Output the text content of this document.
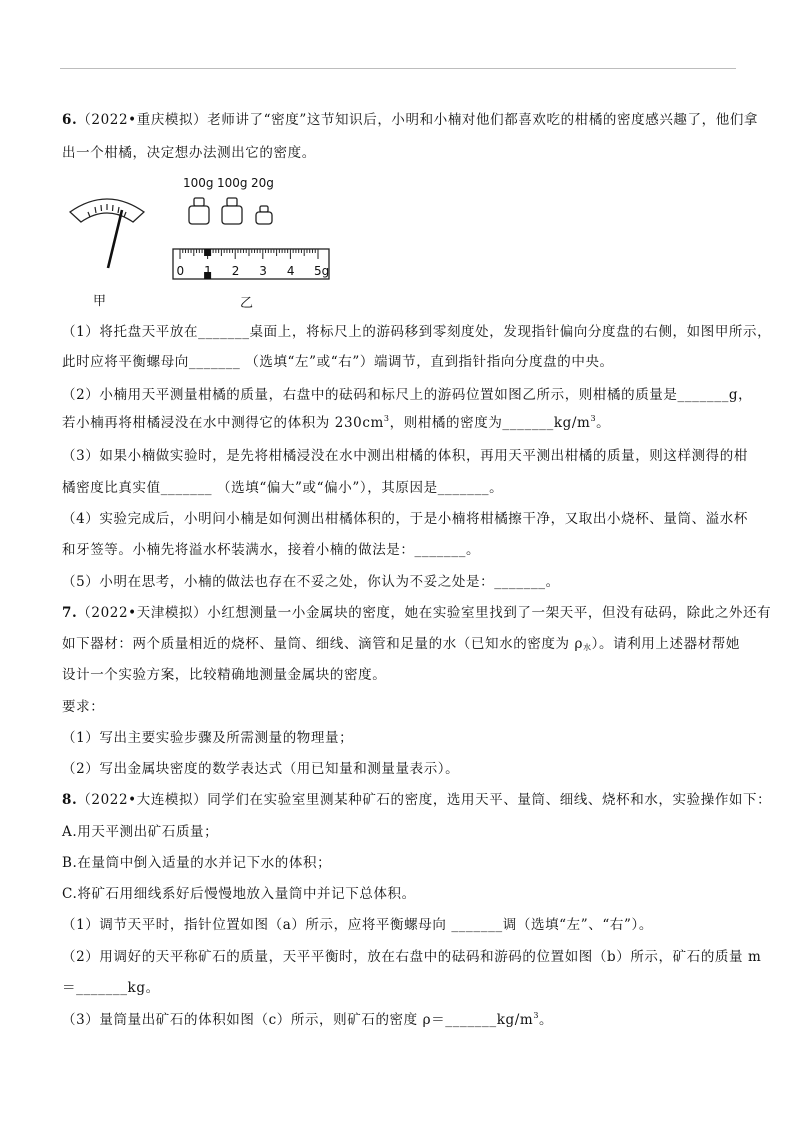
6.（2022•重庆模拟）老师讲了“密度”这节知识后，小明和小楠对他们都喜欢吃的柑橘的密度感兴趣了，他们拿
出一个柑橘，决定想办法测出它的密度。
甲
100g 100g 20g
0 1 2 3 4 5g
乙
（1）将托盘天平放在_______桌面上，将标尺上的游码移到零刻度处，发现指针偏向分度盘的右侧，如图甲所示，
此时应将平衡螺母向_______ （选填“左”或“右”）端调节，直到指针指向分度盘的中央。
（2）小楠用天平测量柑橘的质量，右盘中的砝码和标尺上的游码位置如图乙所示，则柑橘的质量是_______g，
若小楠再将柑橘浸没在水中测得它的体积为 $230cm^3$，则柑橘的密度为$\_\_\_\_\_\_\_kg/m^3$。
（3）如果小楠做实验时，是先将柑橘浸没在水中测出柑橘的体积，再用天平测出柑橘的质量，则这样测得的柑
橘密度比真实值_______ （选填“偏大”或“偏小”），其原因是_______。
（4）实验完成后，小明问小楠是如何测出柑橘体积的，于是小楠将柑橘擦干净，又取出小烧杯、量筒、溢水杯
和牙签等。小楠先将溢水杯装满水，接着小楠的做法是：_______。
（5）小明在思考，小楠的做法也存在不妥之处，你认为不妥之处是：_______。
7.（2022•天津模拟）小红想测量一小金属块的密度，她在实验室里找到了一架天平，但没有砝码，除此之外还有
如下器材：两个质量相近的烧杯、量筒、细线、滴管和足量的水（已知水的密度为 $\rho_水$）。请利用上述器材帮她
设计一个实验方案，比较精确地测量金属块的密度。
要求：
（1）写出主要实验步骤及所需测量的物理量；
（2）写出金属块密度的数学表达式（用已知量和测量量表示）。
8.（2022•大连模拟）同学们在实验室里测某种矿石的密度，选用天平、量筒、细线、烧杯和水，实验操作如下：
A.用天平测出矿石质量；
B.在量筒中倒入适量的水并记下水的体积；
C.将矿石用细线系好后慢慢地放入量筒中并记下总体积。
（1）调节天平时，指针位置如图（a）所示，应将平衡螺母向 _______调（选填“左”、“右”）。
（2）用调好的天平称矿石的质量，天平平衡时，放在右盘中的砝码和游码的位置如图（b）所示，矿石的质量 m
＝_______kg。
（3）量筒量出矿石的体积如图（c）所示，则矿石的密度 $\rho=\_\_\_\_\_\_\_kg/m^3$。
